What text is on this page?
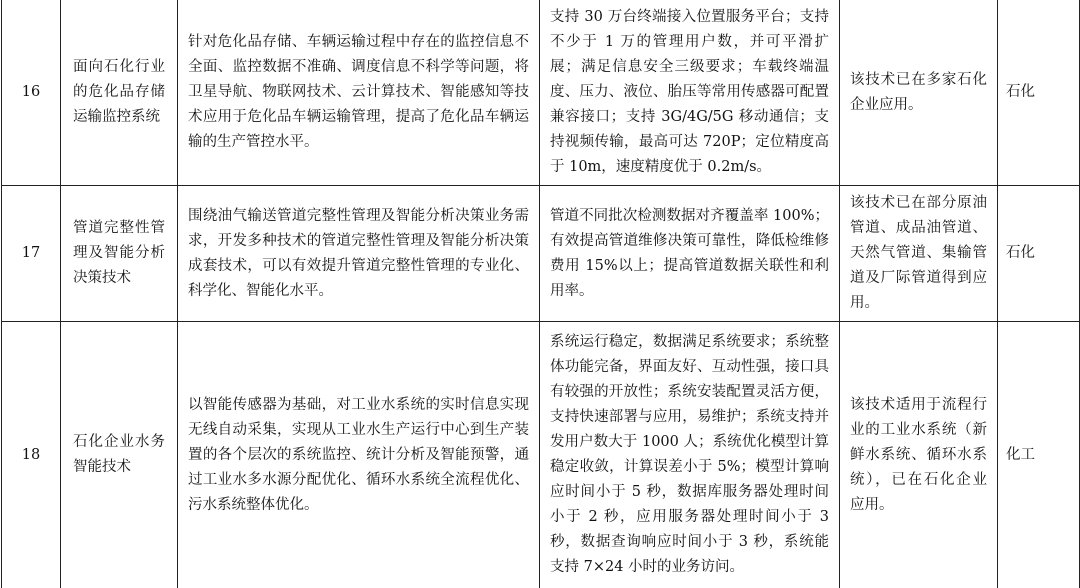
16	面向石化行业的危化品存储运输监控系统	针对危化品存储、车辆运输过程中存在的监控信息不全面、监控数据不准确、调度信息不科学等问题，将卫星导航、物联网技术、云计算技术、智能感知等技术应用于危化品车辆运输管理，提高了危化品车辆运输的生产管控水平。	支持 30 万台终端接入位置服务平台；支持不少于 1 万的管理用户数，并可平滑扩展；满足信息安全三级要求；车载终端温度、压力、液位、胎压等常用传感器可配置兼容接口；支持 3G/4G/5G 移动通信；支持视频传输，最高可达 720P；定位精度高于 10m，速度精度优于 0.2m/s。	该技术已在多家石化企业应用。	石化
17	管道完整性管理及智能分析决策技术	围绕油气输送管道完整性管理及智能分析决策业务需求，开发多种技术的管道完整性管理及智能分析决策成套技术，可以有效提升管道完整性管理的专业化、科学化、智能化水平。	管道不同批次检测数据对齐覆盖率 100%；有效提高管道维修决策可靠性，降低检维修费用 15%以上；提高管道数据关联性和利用率。	该技术已在部分原油管道、成品油管道、天然气管道、集输管道及厂际管道得到应用。	石化
18	石化企业水务智能技术	以智能传感器为基础，对工业水系统的实时信息实现无线自动采集，实现从工业水生产运行中心到生产装置的各个层次的系统监控、统计分析及智能预警，通过工业水多水源分配优化、循环水系统全流程优化、污水系统整体优化。	系统运行稳定，数据满足系统要求；系统整体功能完备，界面友好、互动性强，接口具有较强的开放性；系统安装配置灵活方便，支持快速部署与应用，易维护；系统支持并发用户数大于 1000 人；系统优化模型计算稳定收敛，计算误差小于 5%；模型计算响应时间小于 5 秒，数据库服务器处理时间小于 2 秒，应用服务器处理时间小于 3 秒，数据查询响应时间小于 3 秒，系统能支持 7×24 小时的业务访问。	该技术适用于流程行业的工业水系统（新鲜水系统、循环水系统），已在石化企业应用。	化工
